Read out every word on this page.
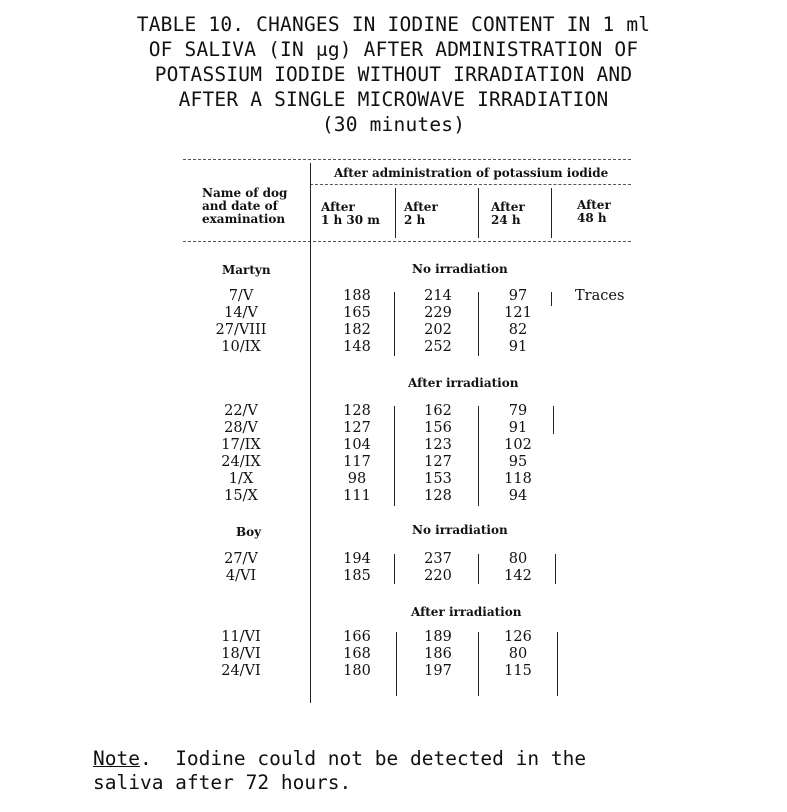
TABLE 10. CHANGES IN IODINE CONTENT IN 1 ml
OF SALIVA (IN μg) AFTER ADMINISTRATION OF
POTASSIUM IODIDE WITHOUT IRRADIATION AND
AFTER A SINGLE MICROWAVE IRRADIATION
(30 minutes)
Name of dog
and date of
examination
After administration of potassium iodide
After
1 h 30 m
After
2 h
After
24 h
After
48 h
Martyn	No irradiation
After irradiation
Boy	No irradiation
After irradiation
7/V
14/V
27/VIII
10/IX
188
165
182
148
214
229
202
252
97
121
82
91
Traces
22/V
28/V
17/IX
24/IX
1/X
15/X
128
127
104
117
98
111
162
156
123
127
153
128
79
91
102
95
118
94
27/V
4/VI
194
185
237
220
80
142
11/VI
18/VI
24/VI
166
168
180
189
186
197
126
80
115
Note.  Iodine could not be detected in the
saliva after 72 hours.
